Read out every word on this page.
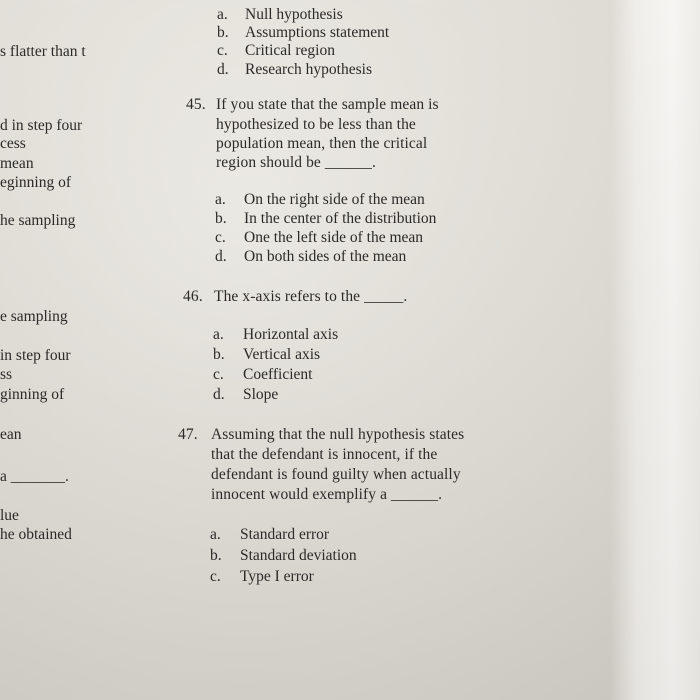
s flatter than t
d in step four
cess
mean
eginning of
he sampling
e sampling
in step four
ss
ginning of
ean
a _______.
lue
he obtained
a. Null hypothesis
b. Assumptions statement
c. Critical region
d. Research hypothesis
45. If you state that the sample mean is
hypothesized to be less than the
population mean, then the critical
region should be ______.
a. On the right side of the mean
b. In the center of the distribution
c. One the left side of the mean
d. On both sides of the mean
46. The x-axis refers to the _____.
a. Horizontal axis
b. Vertical axis
c. Coefficient
d. Slope
47. Assuming that the null hypothesis states
that the defendant is innocent, if the
defendant is found guilty when actually
innocent would exemplify a ______.
a. Standard error
b. Standard deviation
c. Type I error
